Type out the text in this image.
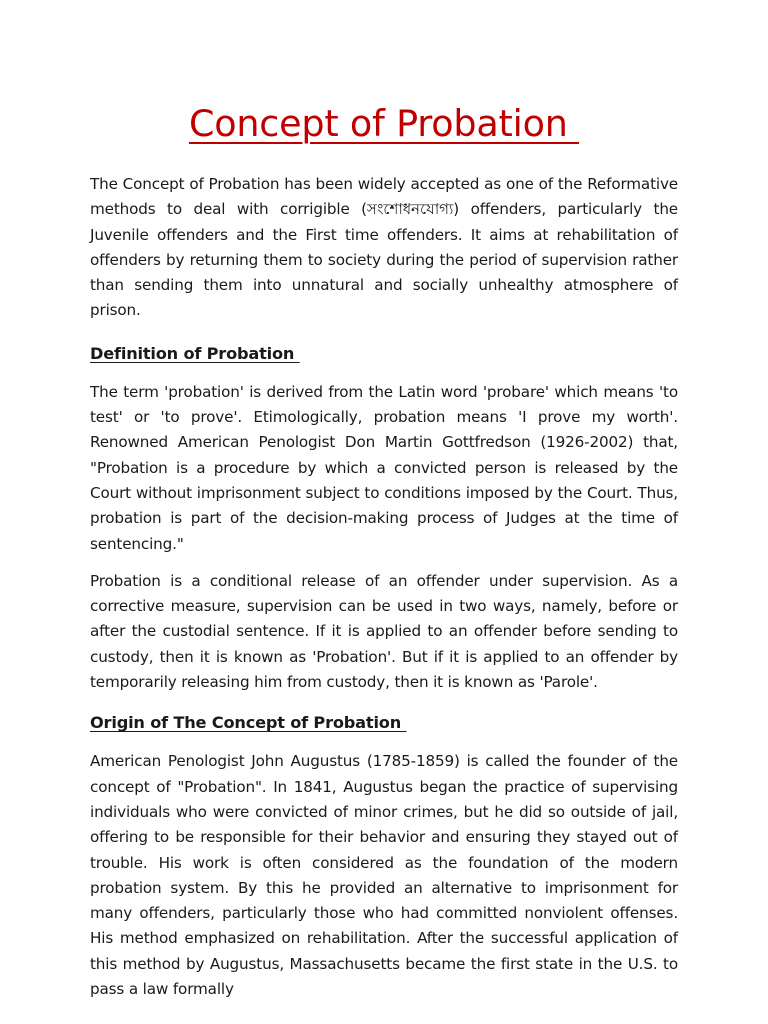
Concept of Probation

The Concept of Probation has been widely accepted as one of the Reformative methods to deal with corrigible (সংশোধনযোগ্য) offenders, particularly the Juvenile offenders and the First time offenders. It aims at rehabilitation of offenders by returning them to society during the period of supervision rather than sending them into unnatural and socially unhealthy atmosphere of prison.

Definition of Probation

The term 'probation' is derived from the Latin word 'probare' which means 'to test' or 'to prove'. Etimologically, probation means 'I prove my worth'. Renowned American Penologist Don Martin Gottfredson (1926-2002) that, "Probation is a procedure by which a convicted person is released by the Court without imprisonment subject to conditions imposed by the Court. Thus, probation is part of the decision-making process of Judges at the time of sentencing."

Probation is a conditional release of an offender under supervision. As a corrective measure, supervision can be used in two ways, namely, before or after the custodial sentence. If it is applied to an offender before sending to custody, then it is known as 'Probation'. But if it is applied to an offender by temporarily releasing him from custody, then it is known as 'Parole'.

Origin of The Concept of Probation

American Penologist John Augustus (1785-1859) is called the founder of the concept of "Probation". In 1841, Augustus began the practice of supervising individuals who were convicted of minor crimes, but he did so outside of jail, offering to be responsible for their behavior and ensuring they stayed out of trouble. His work is often considered as the foundation of the modern probation system. By this he provided an alternative to imprisonment for many offenders, particularly those who had committed nonviolent offenses. His method emphasized on rehabilitation. After the successful application of this method by Augustus, Massachusetts became the first state in the U.S. to pass a law formally
